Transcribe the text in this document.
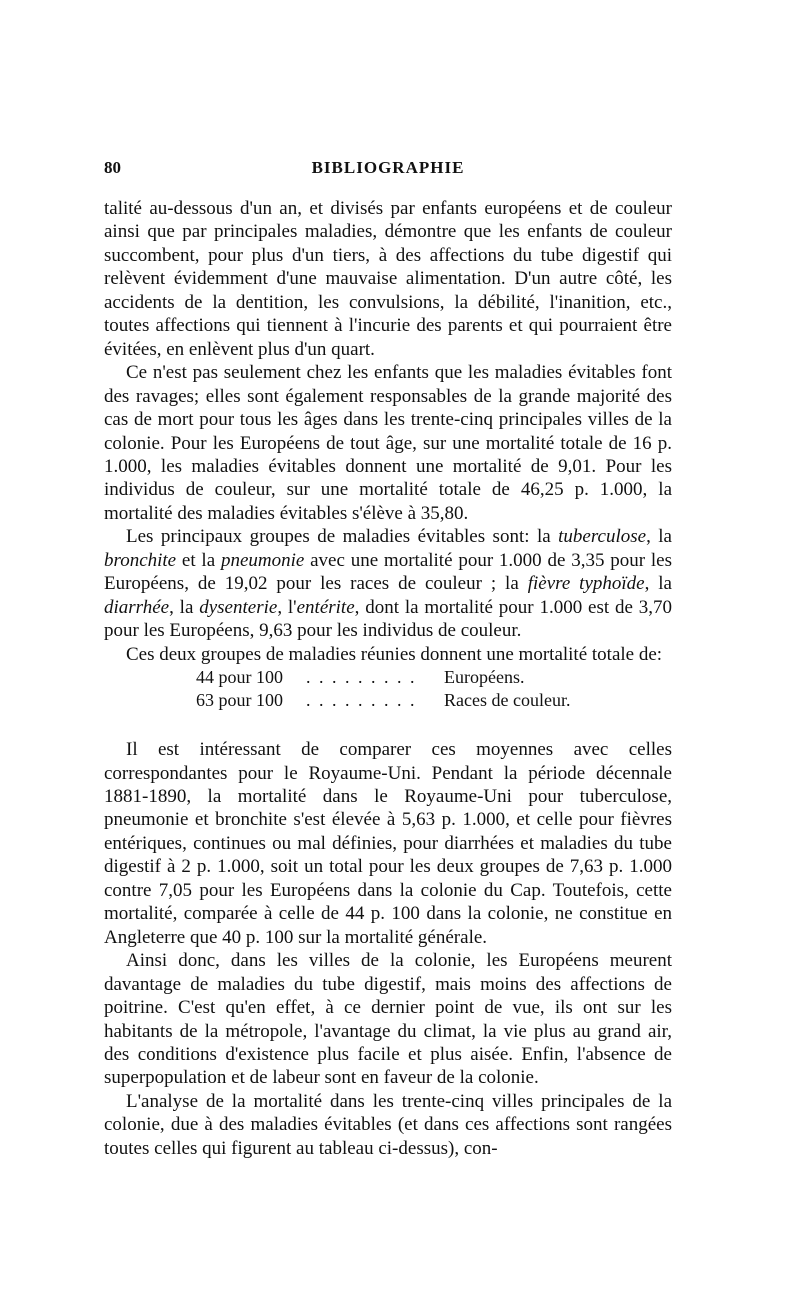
80	BIBLIOGRAPHIE

talité au-dessous d'un an, et divisés par enfants européens et de couleur ainsi que par principales maladies, démontre que les enfants de couleur succombent, pour plus d'un tiers, à des affections du tube digestif qui relèvent évidemment d'une mauvaise alimentation. D'un autre côté, les accidents de la dentition, les convulsions, la débilité, l'inanition, etc., toutes affections qui tiennent à l'incurie des parents et qui pourraient être évitées, en enlèvent plus d'un quart.

Ce n'est pas seulement chez les enfants que les maladies évitables font des ravages; elles sont également responsables de la grande majorité des cas de mort pour tous les âges dans les trente-cinq principales villes de la colonie. Pour les Européens de tout âge, sur une mortalité totale de 16 p. 1.000, les maladies évitables donnent une mortalité de 9,01. Pour les individus de couleur, sur une mortalité totale de 46,25 p. 1.000, la mortalité des maladies évitables s'élève à 35,80.

Les principaux groupes de maladies évitables sont: la tuberculose, la bronchite et la pneumonie avec une mortalité pour 1.000 de 3,35 pour les Européens, de 19,02 pour les races de couleur ; la fièvre typhoïde, la diarrhée, la dysenterie, l'entérite, dont la mortalité pour 1.000 est de 3,70 pour les Européens, 9,63 pour les individus de couleur.

Ces deux groupes de maladies réunies donnent une mortalité totale de:

44 pour 100	. . . . . . . . .	Européens.
63 pour 100	. . . . . . . . .	Races de couleur.

Il est intéressant de comparer ces moyennes avec celles correspondantes pour le Royaume-Uni. Pendant la période décennale 1881-1890, la mortalité dans le Royaume-Uni pour tuberculose, pneumonie et bronchite s'est élevée à 5,63 p. 1.000, et celle pour fièvres entériques, continues ou mal définies, pour diarrhées et maladies du tube digestif à 2 p. 1.000, soit un total pour les deux groupes de 7,63 p. 1.000 contre 7,05 pour les Européens dans la colonie du Cap. Toutefois, cette mortalité, comparée à celle de 44 p. 100 dans la colonie, ne constitue en Angleterre que 40 p. 100 sur la mortalité générale.

Ainsi donc, dans les villes de la colonie, les Européens meurent davantage de maladies du tube digestif, mais moins des affections de poitrine. C'est qu'en effet, à ce dernier point de vue, ils ont sur les habitants de la métropole, l'avantage du climat, la vie plus au grand air, des conditions d'existence plus facile et plus aisée. Enfin, l'absence de superpopulation et de labeur sont en faveur de la colonie.

L'analyse de la mortalité dans les trente-cinq villes principales de la colonie, due à des maladies évitables (et dans ces affections sont rangées toutes celles qui figurent au tableau ci-dessus), con-
